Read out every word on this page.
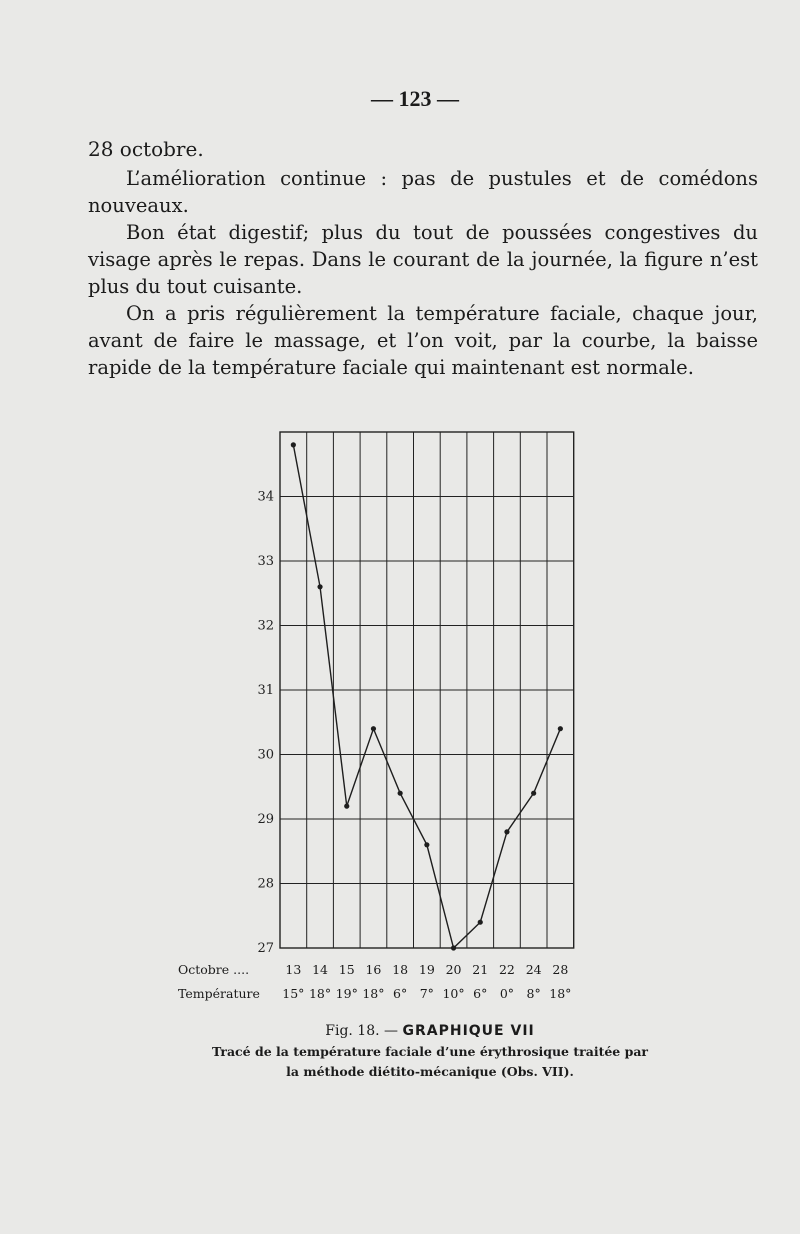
— 123 —

28 octobre.

L’amélioration continue : pas de pustules et de comédons nouveaux.

Bon état digestif; plus du tout de poussées congestives du visage après le repas. Dans le courant de la journée, la figure n’est plus du tout cuisante.

On a pris régulièrement la température faciale, chaque jour, avant de faire le massage, et l’on voit, par la courbe, la baisse rapide de la température faciale qui maintenant est normale.

34
33
32
31
30
29
28
27
Octobre ....
Température
Fig. 18. — GRAPHIQUE VII
Tracé de la température faciale d’une érythrosique traitée par
la méthode diétito-mécanique (Obs. VII).
13 14 15 16 18 19 20 21 22 24 28
15° 18° 19° 18° 6°	7° 10° 6° 0°	8° 18°
